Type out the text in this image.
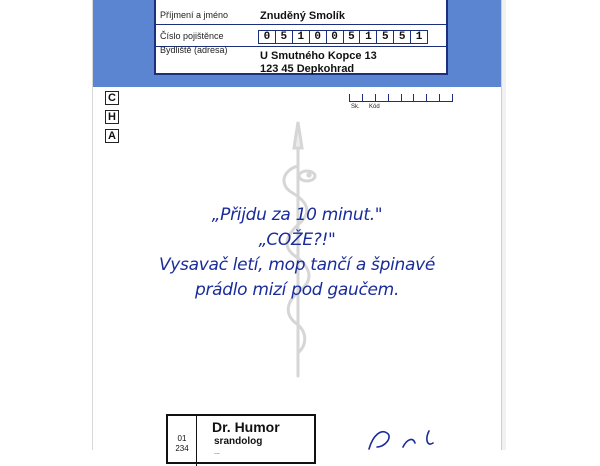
Příjmení a jméno	Znuděný Smolík
Číslo pojištěnce	0 5 1 0 0 5 1 5 5 1
Bydliště (adresa)	U Smutného Kopce 13
123 45 Depkohrad
Sk. Kód
C
H
A
„Přijdu za 10 minut."
„COŽE?!"
Vysavač letí, mop tančí a špinavé
prádlo mizí pod gaučem.
01
234
Dr. Humor
srandolog
...
